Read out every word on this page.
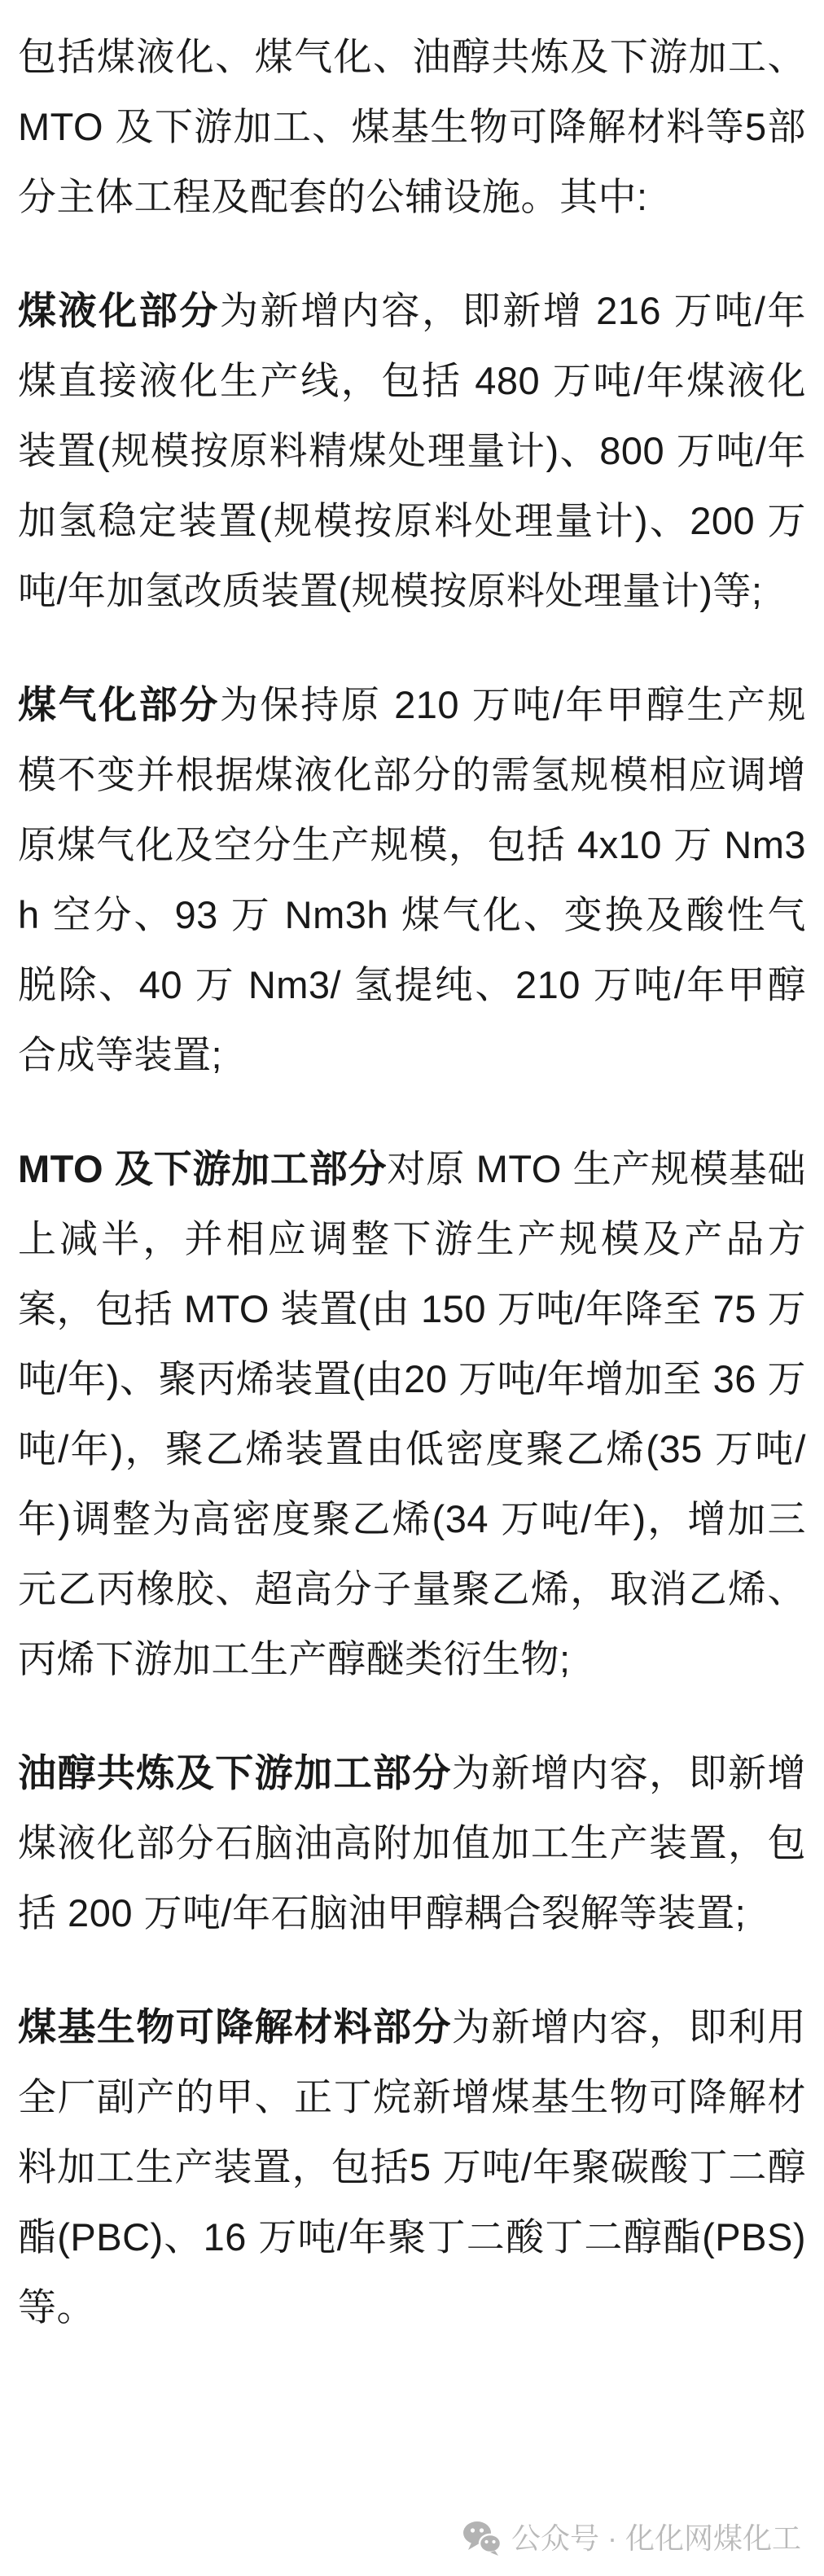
包括煤液化、煤气化、油醇共炼及下游加工、MTO 及下游加工、煤基生物可降解材料等5部分主体工程及配套的公辅设施。其中:

煤液化部分为新增内容，即新增 216 万吨/年煤直接液化生产线，包括 480 万吨/年煤液化装置(规模按原料精煤处理量计)、800 万吨/年加氢稳定装置(规模按原料处理量计)、200 万吨/年加氢改质装置(规模按原料处理量计)等;

煤气化部分为保持原 210 万吨/年甲醇生产规模不变并根据煤液化部分的需氢规模相应调增原煤气化及空分生产规模，包括 4x10 万 Nm3h 空分、93 万 Nm3h 煤气化、变换及酸性气脱除、40 万 Nm3/ 氢提纯、210 万吨/年甲醇合成等装置;

MTO 及下游加工部分对原 MTO 生产规模基础上减半，并相应调整下游生产规模及产品方案，包括 MTO 装置(由 150 万吨/年降至 75 万吨/年)、聚丙烯装置(由20 万吨/年增加至 36 万吨/年)，聚乙烯装置由低密度聚乙烯(35 万吨/年)调整为高密度聚乙烯(34 万吨/年)，增加三元乙丙橡胶、超高分子量聚乙烯，取消乙烯、丙烯下游加工生产醇醚类衍生物;

油醇共炼及下游加工部分为新增内容，即新增煤液化部分石脑油高附加值加工生产装置，包括 200 万吨/年石脑油甲醇耦合裂解等装置;

煤基生物可降解材料部分为新增内容，即利用全厂副产的甲、正丁烷新增煤基生物可降解材料加工生产装置，包括5 万吨/年聚碳酸丁二醇酯(PBC)、16 万吨/年聚丁二酸丁二醇酯(PBS)等。

公众号 · 化化网煤化工
